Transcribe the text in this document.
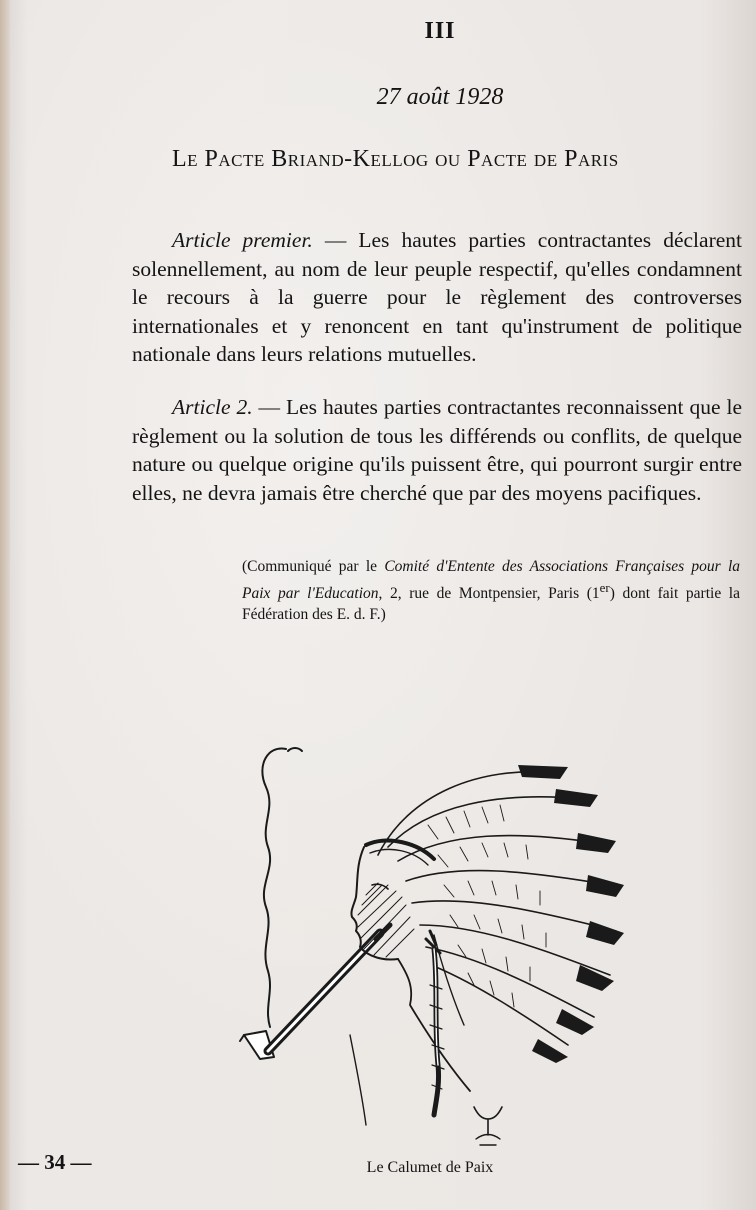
III
27 août 1928
Le Pacte Briand-Kellog ou Pacte de Paris
Article premier. — Les hautes parties contractantes déclarent solennellement, au nom de leur peuple respectif, qu'elles condamnent le recours à la guerre pour le règlement des controverses internationales et y renoncent en tant qu'instrument de politique nationale dans leurs relations mutuelles.
Article 2. — Les hautes parties contractantes reconnaissent que le règlement ou la solution de tous les différends ou conflits, de quelque nature ou quelque origine qu'ils puissent être, qui pourront surgir entre elles, ne devra jamais être cherché que par des moyens pacifiques.
(Communiqué par le Comité d'Entente des Associations Françaises pour la Paix par l'Education, 2, rue de Montpensier, Paris (1er) dont fait partie la Fédération des E. d. F.)
Le Calumet de Paix
— 34 —
